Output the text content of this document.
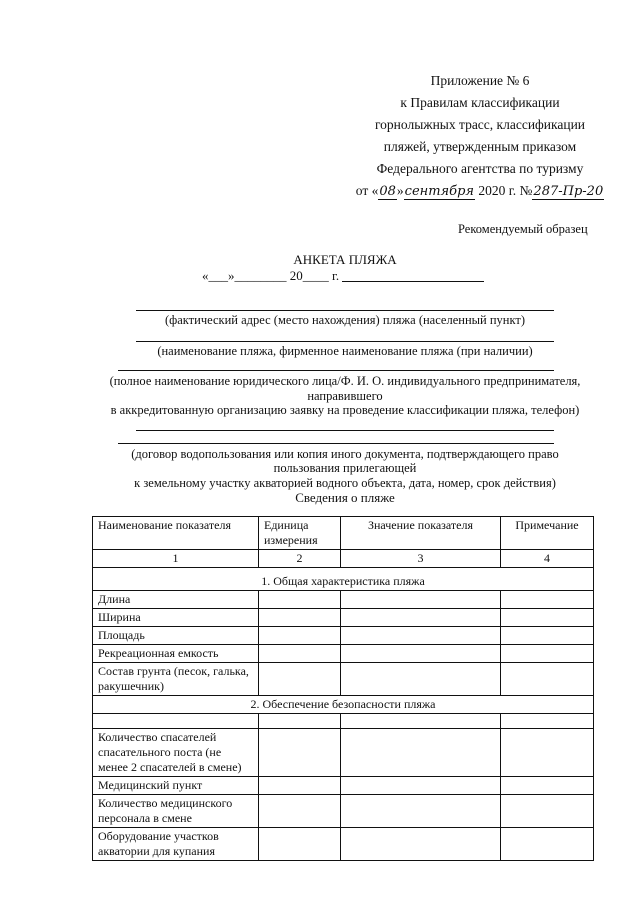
Приложение № 6
к Правилам классификации
горнолыжных трасс, классификации
пляжей, утвержденным приказом
Федерального агентства по туризму
от «08»сентября 2020 г. №287-Пр-20
Рекомендуемый образец
АНКЕТА ПЛЯЖА
«___»________ 20____ г.
(фактический адрес (место нахождения) пляжа (населенный пункт)
(наименование пляжа, фирменное наименование пляжа (при наличии)
(полное наименование юридического лица/Ф. И. О. индивидуального предпринимателя,
направившего
в аккредитованную организацию заявку на проведение классификации пляжа, телефон)
(договор водопользования или копия иного документа, подтверждающего право
пользования прилегающей
к земельному участку акваторией водного объекта, дата, номер, срок действия)
Сведения о пляже
Наименование показателя	Единица измерения	Значение показателя	Примечание
1	2	3	4
1. Общая характеристика пляжа			
Длина			
Ширина			
Площадь			
Рекреационная емкость			
Состав грунта (песок, галька, ракушечник)			
2. Обеспечение безопасности пляжа			

Количество спасателей спасательного поста (не менее 2 спасателей в смене)			
Медицинский пункт			
Количество медицинского персонала в смене			
Оборудование участков акватории для купания			
